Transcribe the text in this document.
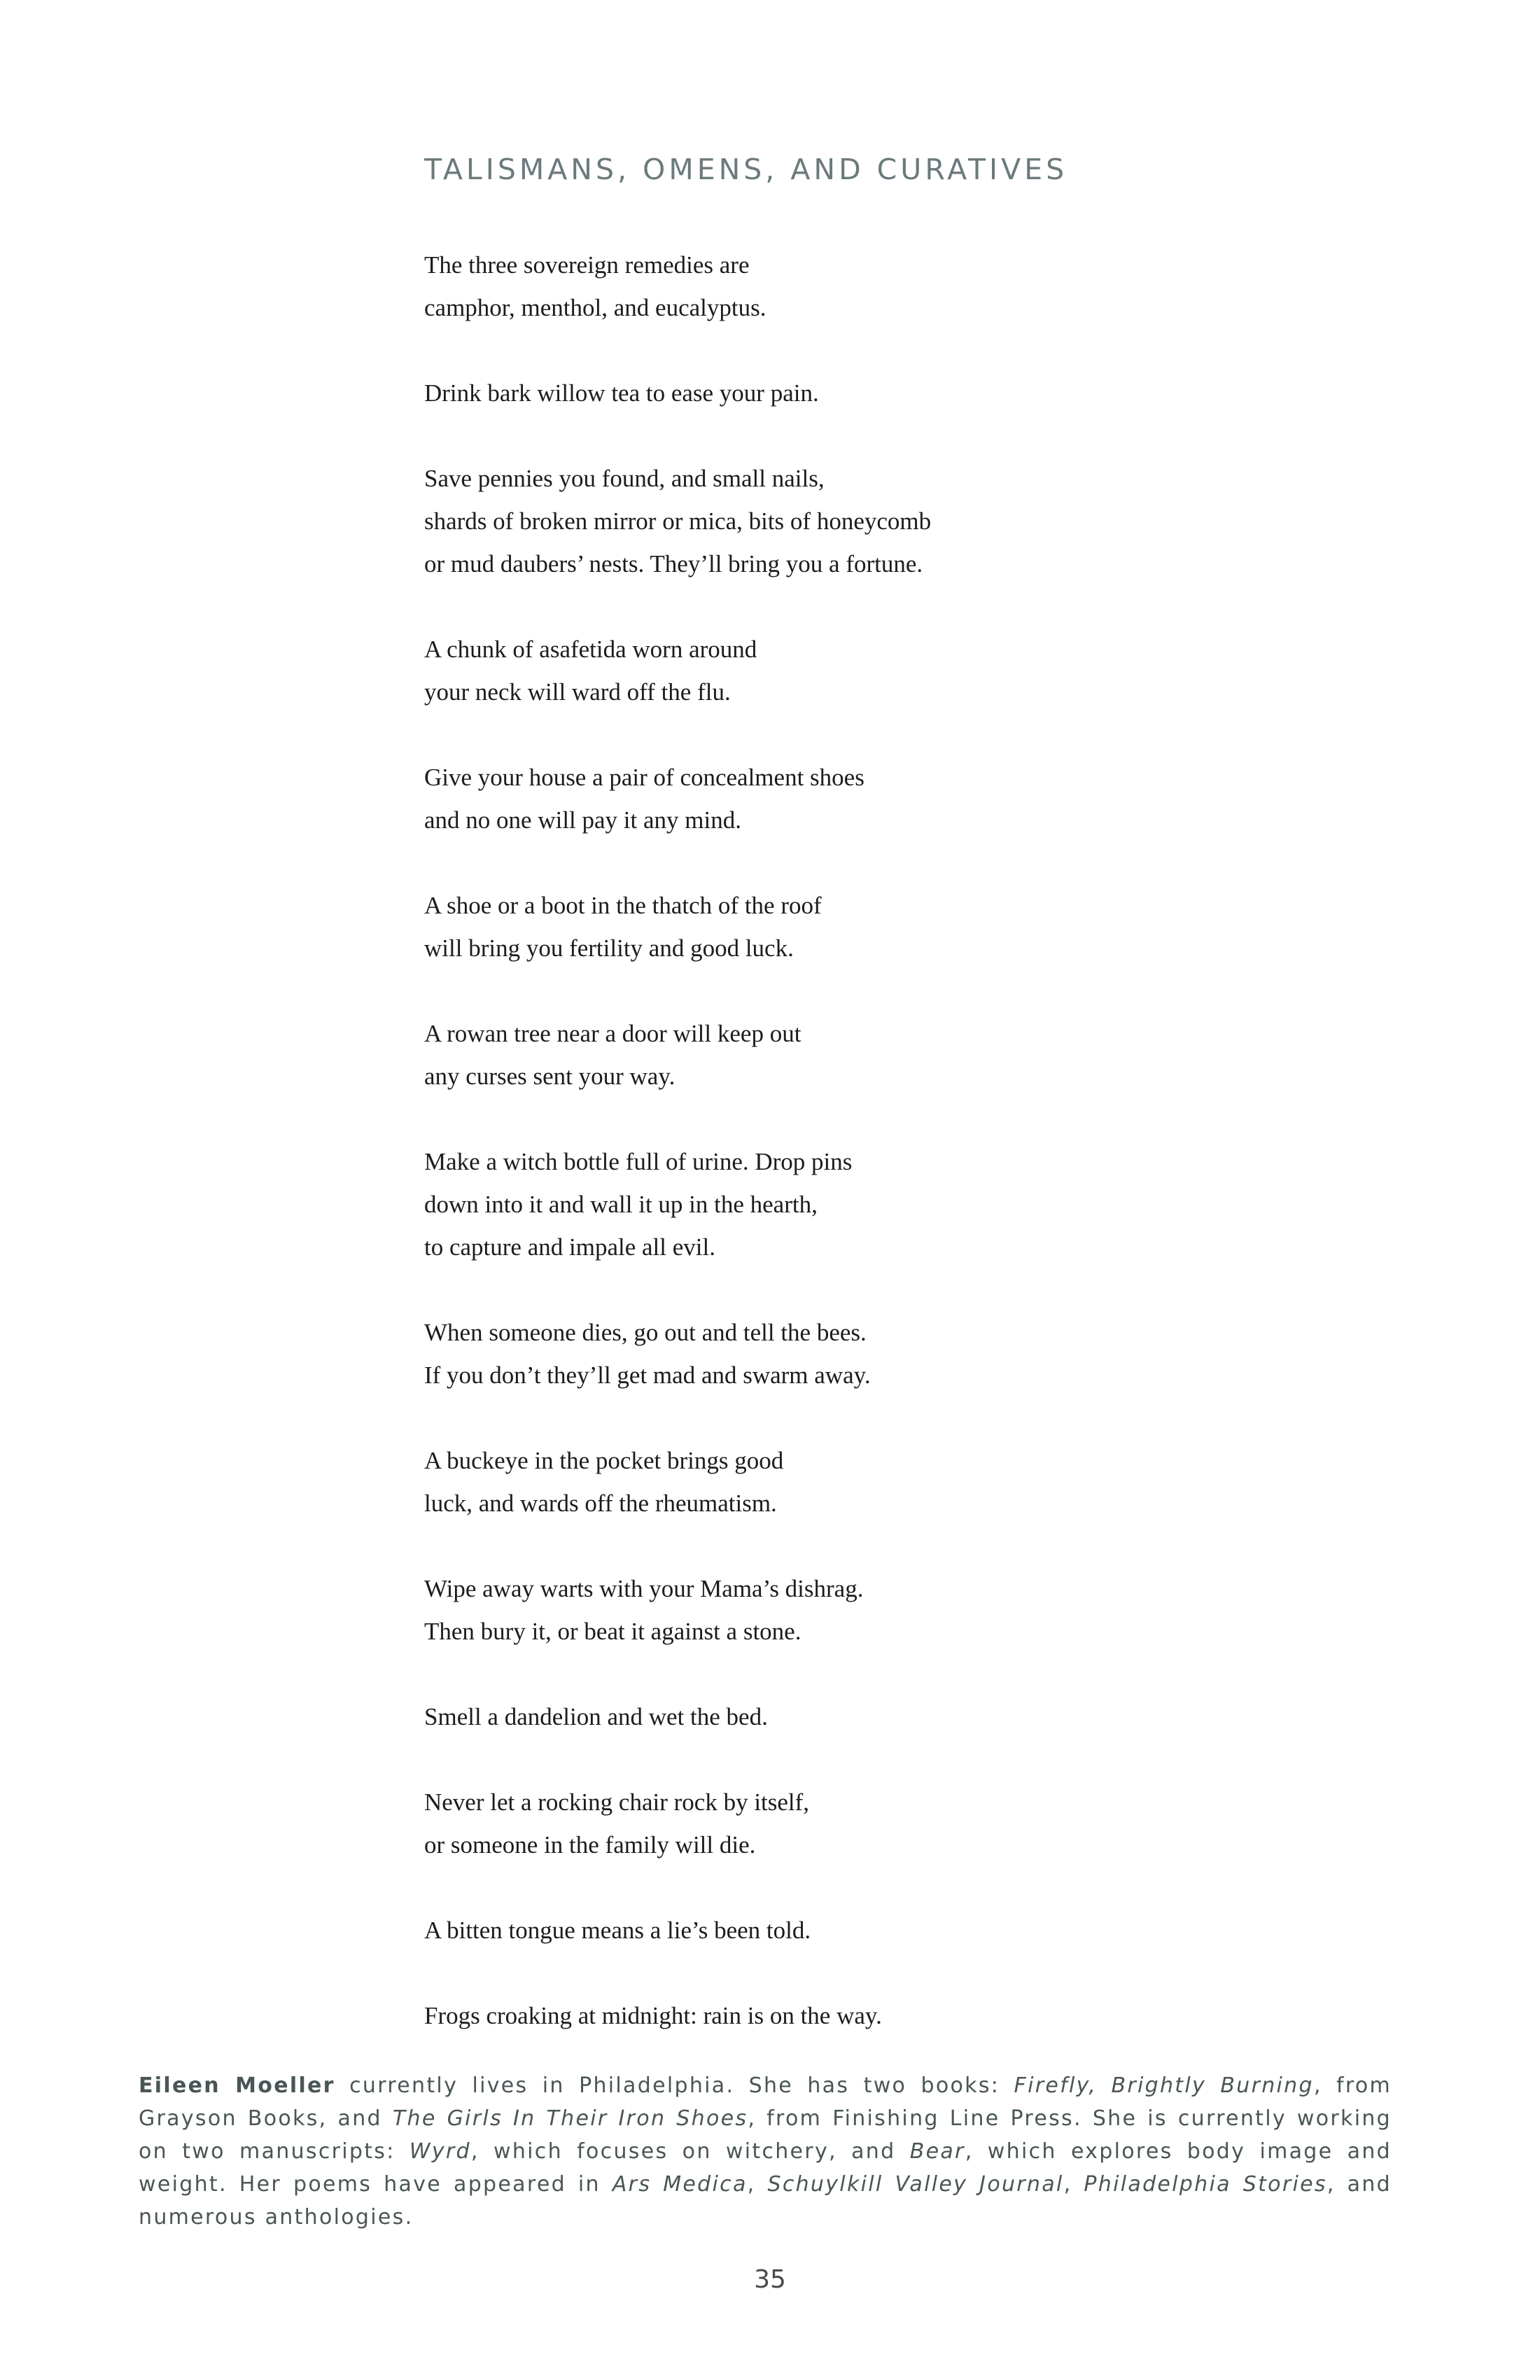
TALISMANS, OMENS, AND CURATIVES
The three sovereign remedies are
camphor, menthol, and eucalyptus.
Drink bark willow tea to ease your pain.
Save pennies you found, and small nails,
shards of broken mirror or mica, bits of honeycomb
or mud daubers’ nests. They’ll bring you a fortune.
A chunk of asafetida worn around
your neck will ward off the flu.
Give your house a pair of concealment shoes
and no one will pay it any mind.
A shoe or a boot in the thatch of the roof
will bring you fertility and good luck.
A rowan tree near a door will keep out
any curses sent your way.
Make a witch bottle full of urine. Drop pins
down into it and wall it up in the hearth,
to capture and impale all evil.
When someone dies, go out and tell the bees.
If you don’t they’ll get mad and swarm away.
A buckeye in the pocket brings good
luck, and wards off the rheumatism.
Wipe away warts with your Mama’s dishrag.
Then bury it, or beat it against a stone.
Smell a dandelion and wet the bed.
Never let a rocking chair rock by itself,
or someone in the family will die.
A bitten tongue means a lie’s been told.
Frogs croaking at midnight: rain is on the way.

Eileen Moeller currently lives in Philadelphia. She has two books: Firefly, Brightly Burning, from Grayson Books, and The Girls In Their Iron Shoes, from Finishing Line Press. She is currently working on two manuscripts: Wyrd, which focuses on witchery, and Bear, which explores body image and weight. Her poems have appeared in Ars Medica, Schuylkill Valley Journal, Philadelphia Stories, and numerous anthologies.

35
